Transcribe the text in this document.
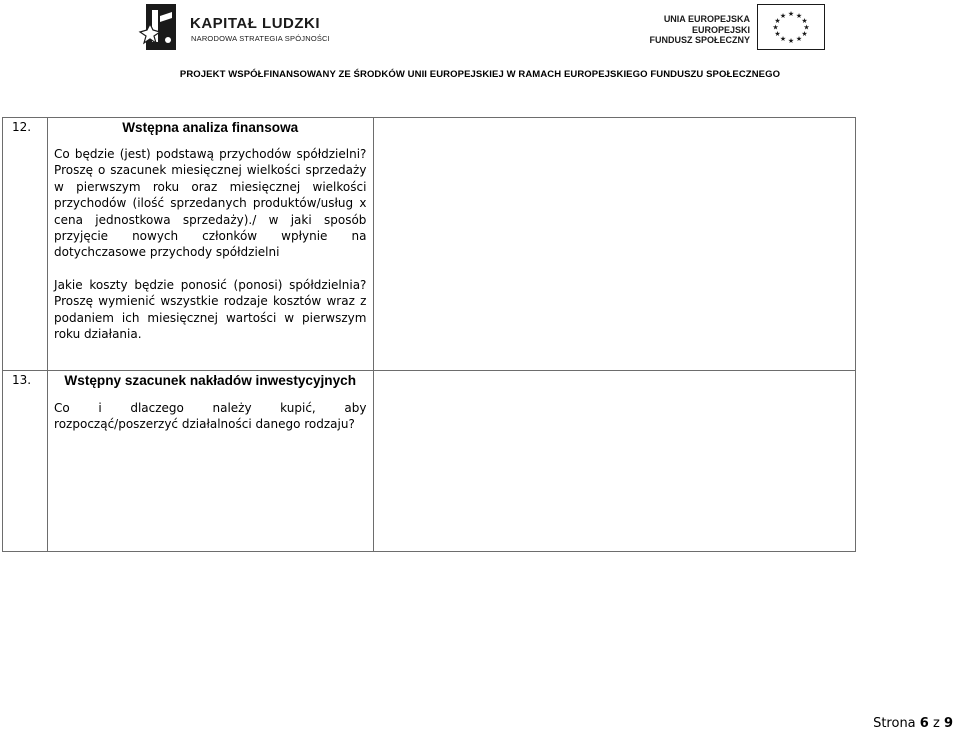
KAPITAŁ LUDZKI
NARODOWA STRATEGIA SPÓJNOŚCI
UNIA EUROPEJSKA
EUROPEJSKI
FUNDUSZ SPOŁECZNY
★ ★
★
★
★
★
★
★
★
★
★
★
PROJEKT WSPÓŁFINANSOWANY ZE ŚRODKÓW UNII EUROPEJSKIEJ W RAMACH EUROPEJSKIEGO FUNDUSZU SPOŁECZNEGO
12.	Wstępna analiza finansowa
Co będzie (jest) podstawą przychodów spółdzielni? Proszę o szacunek miesięcznej wielkości sprzedaży w pierwszym roku oraz miesięcznej wielkości przychodów (ilość sprzedanych produktów/usług x cena jednostkowa sprzedaży)./ w jaki sposób przyjęcie nowych członków wpłynie na dotychczasowe przychody spółdzielni
Jakie koszty będzie ponosić (ponosi) spółdzielnia? Proszę wymienić wszystkie rodzaje kosztów wraz z podaniem ich miesięcznej wartości w pierwszym roku działania.	

13.	Wstępny szacunek nakładów inwestycyjnych
Co i dlaczego należy kupić, aby rozpocząć/poszerzyć działalności danego rodzaju?	

Strona 6 z 9
